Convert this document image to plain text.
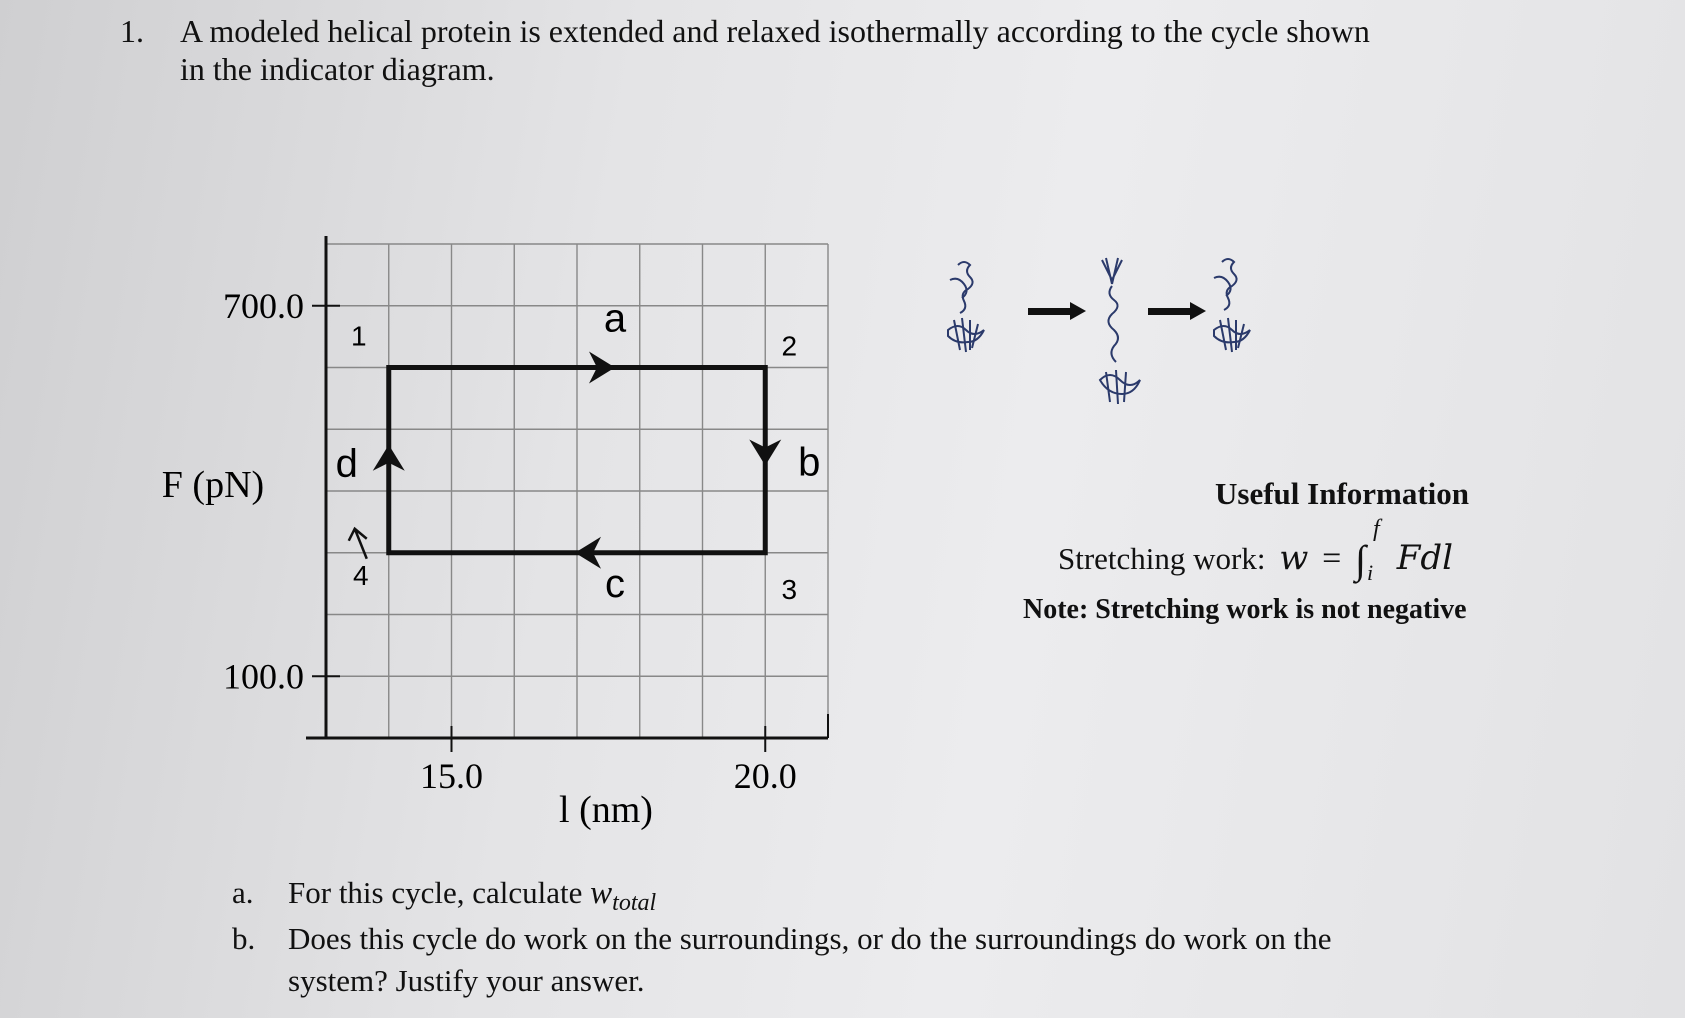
1. A modeled helical protein is extended and relaxed isothermally according to the cycle shown
in the indicator diagram.
700.0
100.0
15.0	20.0
F (pN)
l (nm)
a
b
c
d
1	2
3
4
Useful Information
Stretching work: w = ∫
f
i Fdl
Note: Stretching work is not negative
a. For this cycle, calculate $w_{total}$
b. Does this cycle do work on the surroundings, or do the surroundings do work on the
system? Justify your answer.
